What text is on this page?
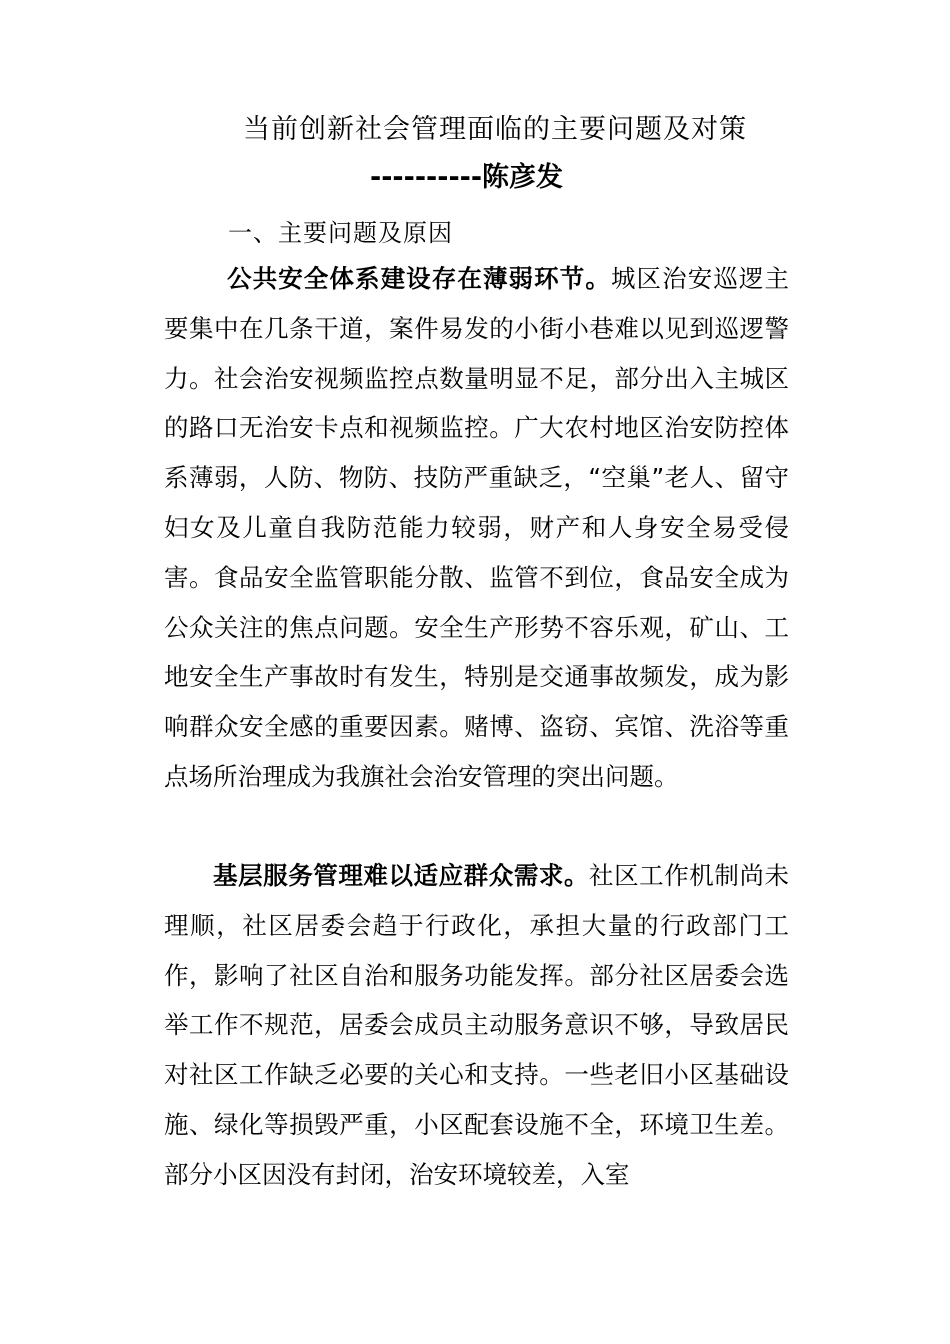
当前创新社会管理面临的主要问题及对策
----------陈彦发
一、主要问题及原因

公共安全体系建设存在薄弱环节。城区治安巡逻主要集中在几条干道，案件易发的小街小巷难以见到巡逻警力。社会治安视频监控点数量明显不足，部分出入主城区的路口无治安卡点和视频监控。广大农村地区治安防控体系薄弱，人防、物防、技防严重缺乏，“空巢”老人、留守妇女及儿童自我防范能力较弱，财产和人身安全易受侵害。食品安全监管职能分散、监管不到位，食品安全成为公众关注的焦点问题。安全生产形势不容乐观，矿山、工地安全生产事故时有发生，特别是交通事故频发，成为影响群众安全感的重要因素。赌博、盗窃、宾馆、洗浴等重点场所治理成为我旗社会治安管理的突出问题。

基层服务管理难以适应群众需求。社区工作机制尚未理顺，社区居委会趋于行政化，承担大量的行政部门工作，影响了社区自治和服务功能发挥。部分社区居委会选举工作不规范，居委会成员主动服务意识不够，导致居民对社区工作缺乏必要的关心和支持。一些老旧小区基础设施、绿化等损毁严重，小区配套设施不全，环境卫生差。部分小区因没有封闭，治安环境较差，入室
